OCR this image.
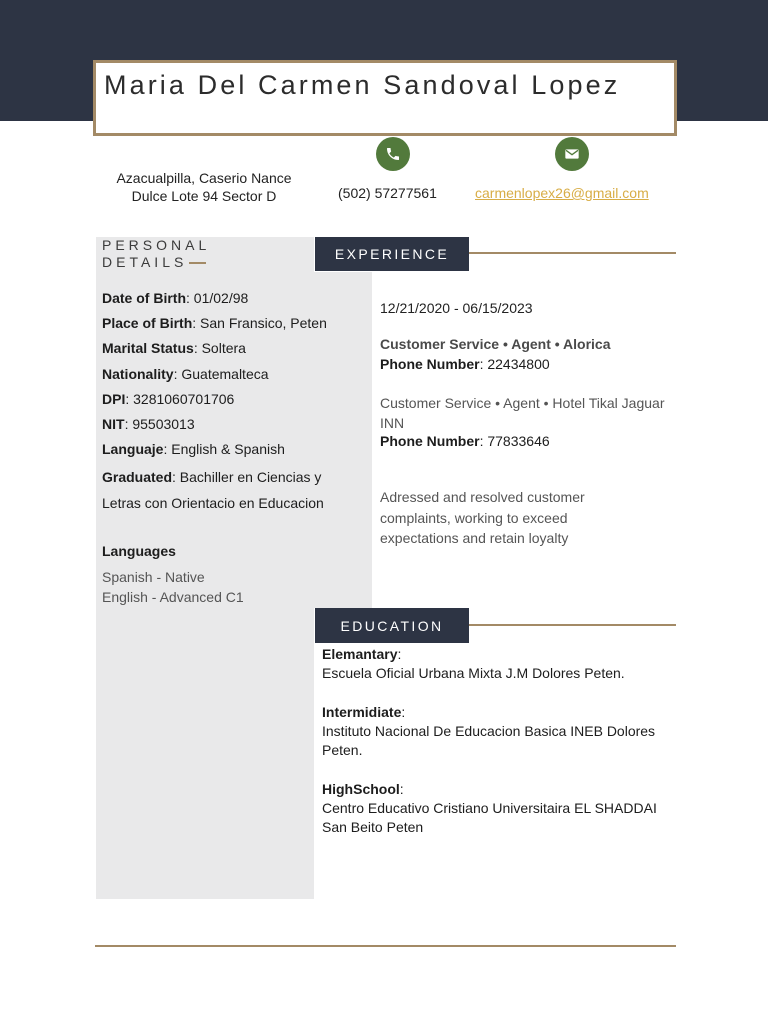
Maria Del Carmen Sandoval Lopez
Azacualpilla, Caserio Nance
Dulce Lote 94 Sector D	(502) 57277561	carmenlopex26@gmail.com
PERSONAL
DETAILS
Date of Birth: 01/02/98
Place of Birth: San Fransico, Peten
Marital Status: Soltera
Nationality: Guatemalteca
DPI: 3281060701706
NIT: 95503013
Languaje: English & Spanish
Graduated: Bachiller en Ciencias y Letras con Orientacio en Educacion
Languages
Spanish - Native
English - Advanced C1
EXPERIENCE
12/21/2020 - 06/15/2023
Customer Service • Agent • Alorica
Phone Number: 22434800
Customer Service • Agent • Hotel Tikal Jaguar INN
Phone Number: 77833646
Adressed and resolved customer complaints, working to exceed expectations and retain loyalty
EDUCATION
Elemantary:
Escuela Oficial Urbana Mixta J.M Dolores Peten.
Intermidiate:
Instituto Nacional De Educacion Basica INEB Dolores Peten.
HighSchool:
Centro Educativo Cristiano Universitaira EL SHADDAI San Beito Peten
